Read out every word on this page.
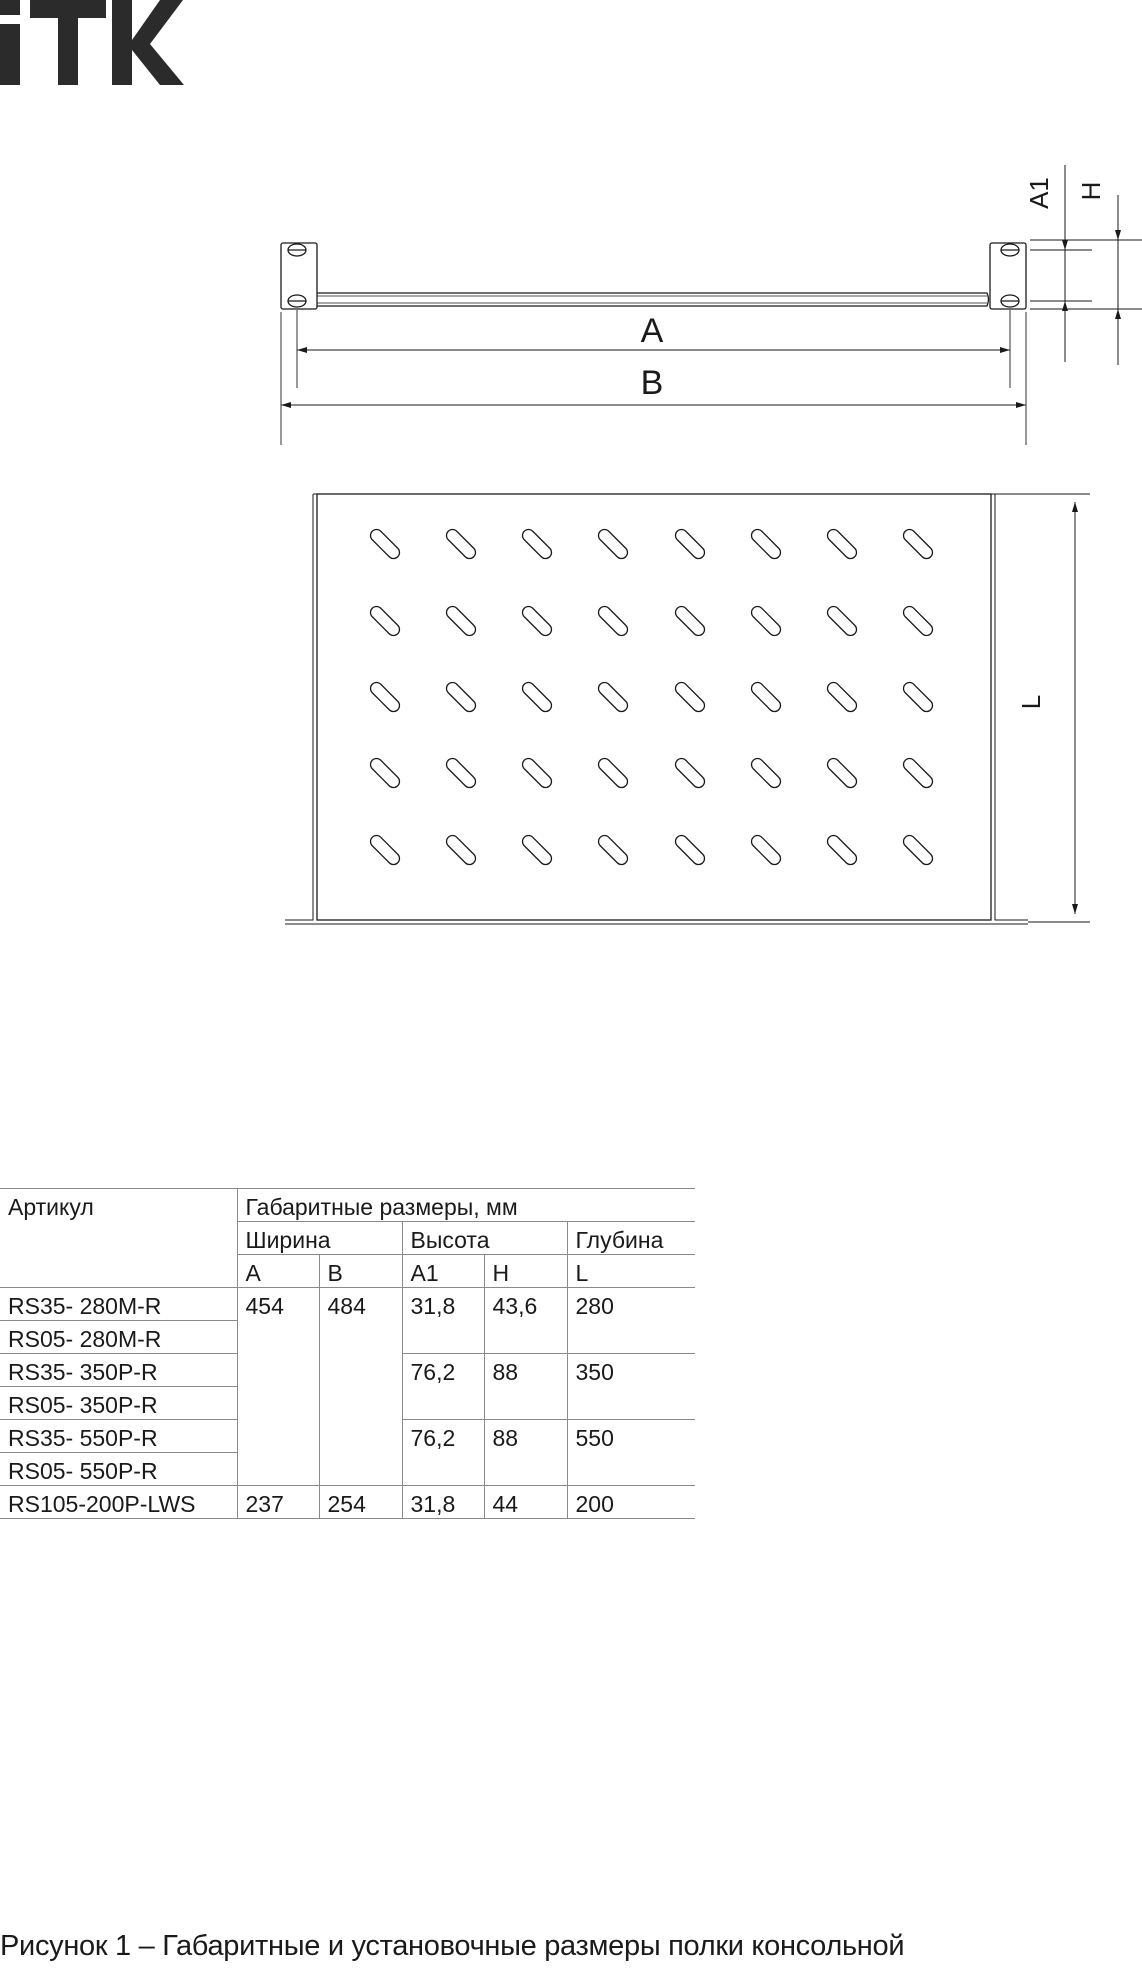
A
B
A1 H
L
Артикул	Габаритные размеры, мм				
	Ширина		Высота		Глубина
	A	B	A1	H	L
RS35- 280M-R	454	484	31,8	43,6	280
RS05- 280M-R					
RS35- 350P-R			76,2	88	350
RS05- 350P-R					
RS35- 550P-R			76,2	88	550
RS05- 550P-R					
RS105-200P-LWS	237	254	31,8	44	200
Рисунок 1 – Габаритные и установочные размеры полки консольной
